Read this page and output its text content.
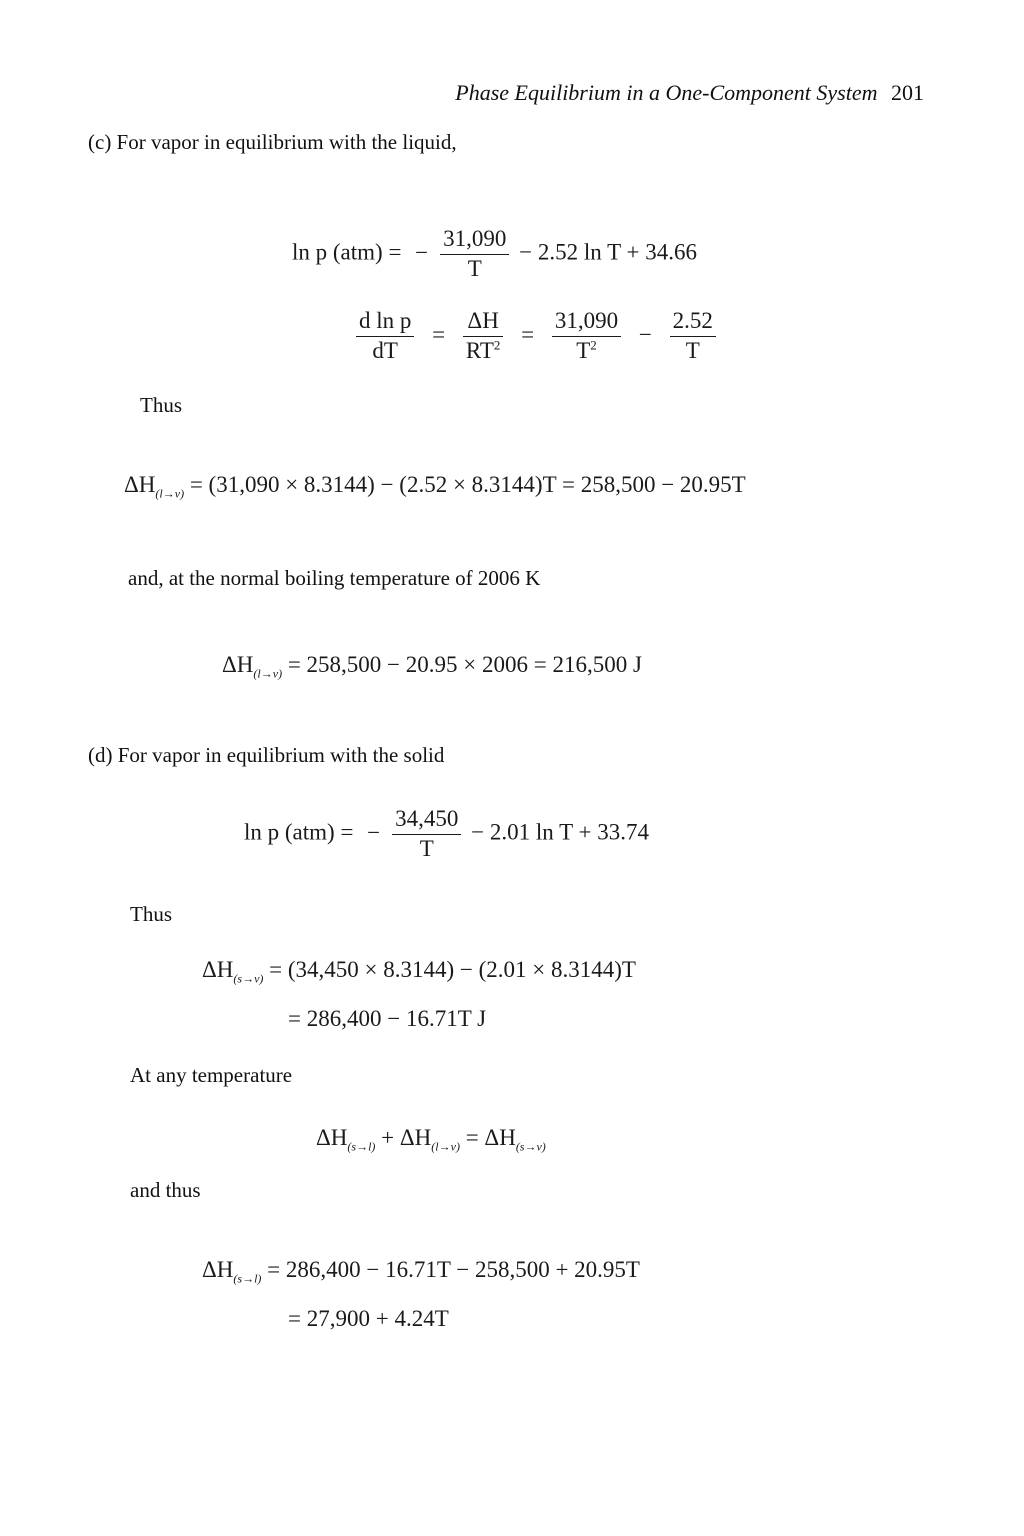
Phase Equilibrium in a One-Component System 201
(c) For vapor in equilibrium with the liquid,
ln p (atm) = − $\frac{31,090}{T} - 2.52$ ln T + 34.66
$\frac{\text{d ln p}}{dT} = \frac{\Delta H}{RT^2} = \frac{31,090}{T^2} - \frac{2.52}{T}$
Thus
$\Delta H_{(l\to v)} = (31,090 \times 8.3144) - (2.52 \times 8.3144)T = 258,500 - 20.95T$
and, at the normal boiling temperature of 2006 K
$\Delta H_{(l\to v)} = 258,500 - 20.95 \times 2006 = 216,500$ J
(d) For vapor in equilibrium with the solid
ln p (atm) = − $\frac{34,450}{T} - 2.01$ ln T + 33.74
Thus
$\Delta H_{(s\to v)} = (34,450 \times 8.3144) - (2.01 \times 8.3144)T$
= 286,400 − 16.71T J
At any temperature
$\Delta H_{(s\to l)} + \Delta H_{(l\to v)} = \Delta H_{(s\to v)}$
and thus
$\Delta H_{(s\to l)} = 286,400 - 16.71T - 258,500 + 20.95T$
= 27,900 + 4.24T
